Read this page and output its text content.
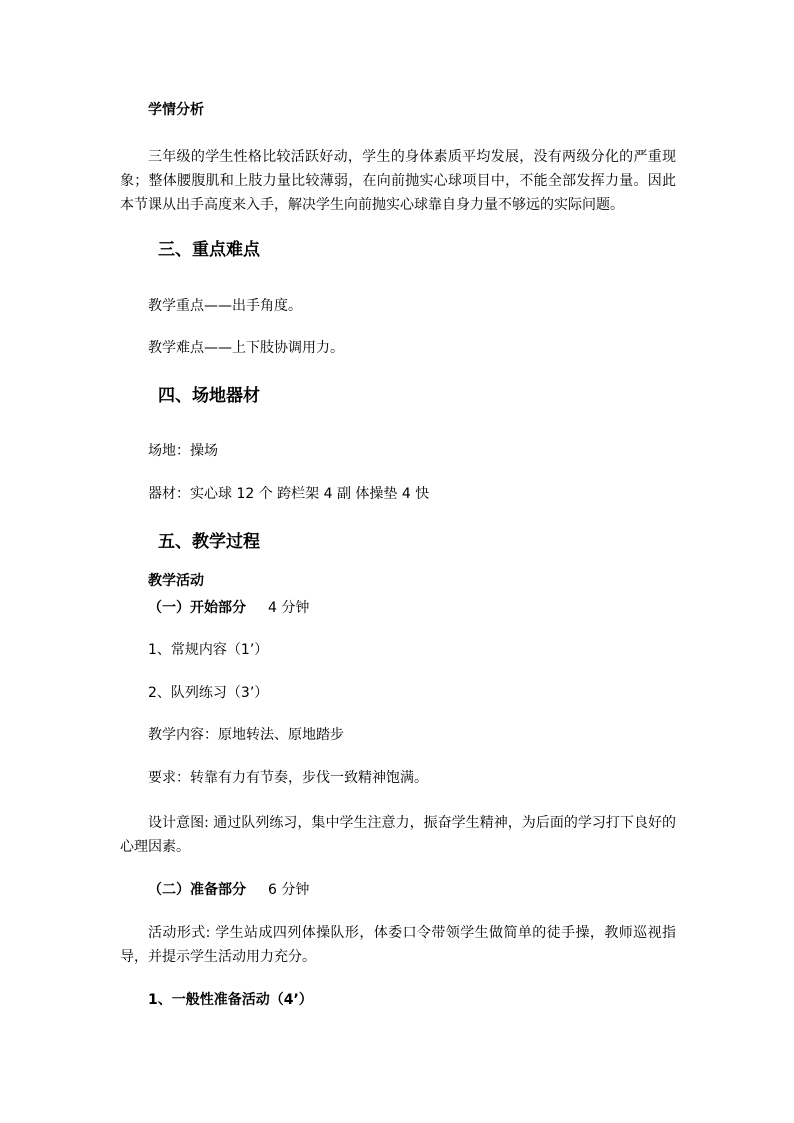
学情分析
三年级的学生性格比较活跃好动，学生的身体素质平均发展，没有两级分化的严重现象；整体腰腹肌和上肢力量比较薄弱，在向前抛实心球项目中，不能全部发挥力量。因此本节课从出手高度来入手，解决学生向前抛实心球靠自身力量不够远的实际问题。
三、重点难点
教学重点——出手角度。
教学难点——上下肢协调用力。
四、场地器材
场地：操场
器材：实心球 12 个 跨栏架 4 副 体操垫 4 快
五、教学过程
教学活动
（一）开始部分 4 分钟
1、常规内容（1’）
2、队列练习（3’）
教学内容：原地转法、原地踏步
要求：转靠有力有节奏，步伐一致精神饱满。
设计意图: 通过队列练习，集中学生注意力，振奋学生精神，为后面的学习打下良好的心理因素。
（二）准备部分 6 分钟
活动形式: 学生站成四列体操队形，体委口令带领学生做简单的徒手操，教师巡视指导，并提示学生活动用力充分。
1、一般性准备活动（4’）
